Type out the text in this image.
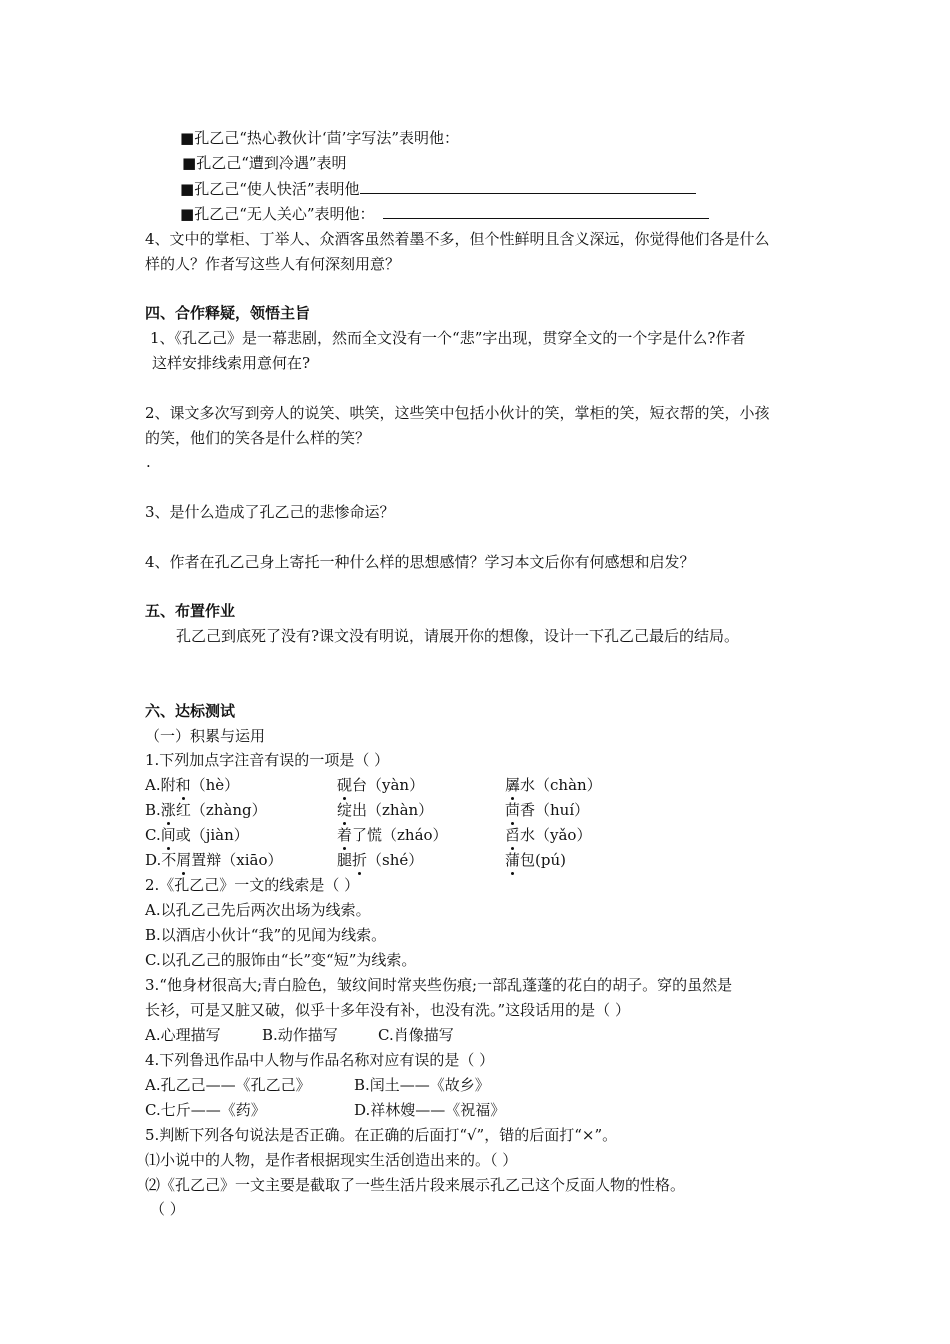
■孔乙己“热心教伙计‘茴’字写法”表明他：
■孔乙己“遭到冷遇”表明
■孔乙己“使人快活”表明他
■孔乙己“无人关心”表明他：
4、文中的掌柜、丁举人、众酒客虽然着墨不多，但个性鲜明且含义深远，你觉得他们各是什么
样的人？作者写这些人有何深刻用意？
四、合作释疑，领悟主旨
1、《孔乙己》是一幕悲剧，然而全文没有一个“悲”字出现，贯穿全文的一个字是什么?作者
这样安排线索用意何在?
2、课文多次写到旁人的说笑、哄笑，这些笑中包括小伙计的笑，掌柜的笑，短衣帮的笑，小孩
的笑，他们的笑各是什么样的笑？
.
3、是什么造成了孔乙己的悲惨命运？
4、作者在孔乙己身上寄托一种什么样的思想感情？学习本文后你有何感想和启发？
五、布置作业
孔乙己到底死了没有?课文没有明说，请展开你的想像，设计一下孔乙己最后的结局。
六、达标测试
（一）积累与运用
1.下列加点字注音有误的一项是（ ）
A.附和（hè）	砚台（yàn）	羼水（chàn）
B.涨红（zhàng）	绽出（zhàn）	茴香（huí）
C.间或（jiàn）	着了慌（zháo）	舀水（yǎo）
D.不屑置辩（xiāo）	腿折（shé）	蒲包(pú)
2.《孔乙己》一文的线索是（ ）
A.以孔乙己先后两次出场为线索。
B.以酒店小伙计“我”的见闻为线索。
C.以孔乙己的服饰由“长”变“短”为线索。
3.“他身材很高大;青白脸色，皱纹间时常夹些伤痕;一部乱蓬蓬的花白的胡子。穿的虽然是
长衫，可是又脏又破，似乎十多年没有补，也没有洗。”这段话用的是（ ）
A.心理描写	B.动作描写	C.肖像描写
4.下列鲁迅作品中人物与作品名称对应有误的是（ ）
A.孔乙己——《孔乙己》	B.闰土——《故乡》
C.七斤——《药》	D.祥林嫂——《祝福》
5.判断下列各句说法是否正确。在正确的后面打“√”，错的后面打“×”。
⑴小说中的人物，是作者根据现实生活创造出来的。（ ）
⑵《孔乙己》一文主要是截取了一些生活片段来展示孔乙己这个反面人物的性格。
（ ）
